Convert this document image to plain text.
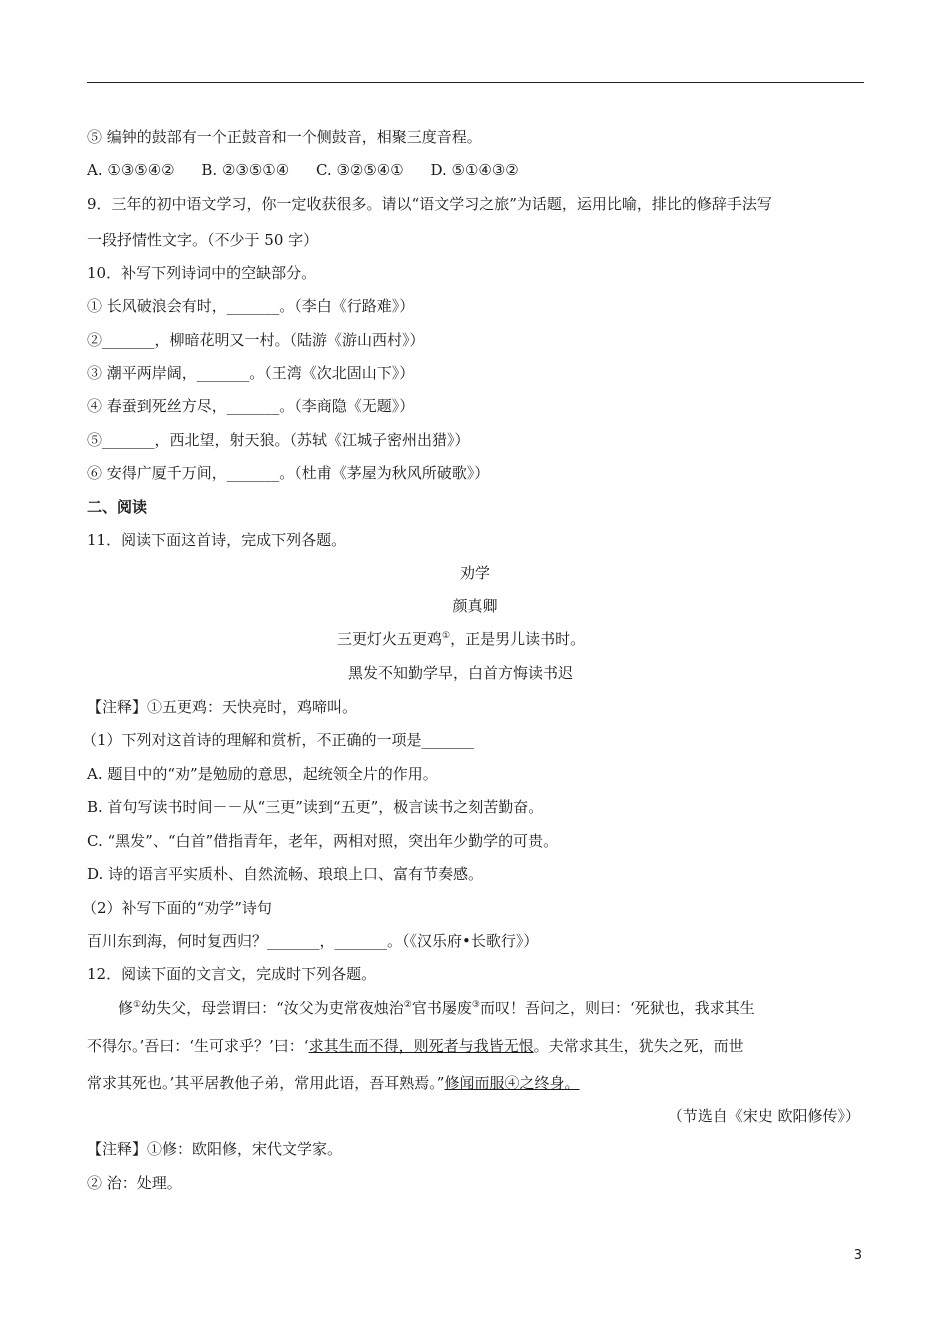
⑤ 编钟的鼓部有一个正鼓音和一个侧鼓音，相聚三度音程。
A. ①③⑤④② B. ②③⑤①④ C. ③②⑤④① D. ⑤①④③②
9．三年的初中语文学习，你一定收获很多。请以“语文学习之旅”为话题，运用比喻，排比的修辞手法写
一段抒情性文字。（不少于 50 字）
10．补写下列诗词中的空缺部分。
① 长风破浪会有时，_______。（李白《行路难》）
②_______，柳暗花明又一村。（陆游《游山西村》）
③ 潮平两岸阔，_______。（王湾《次北固山下》）
④ 春蚕到死丝方尽，_______。（李商隐《无题》）
⑤_______，西北望，射天狼。（苏轼《江城子密州出猎》）
⑥ 安得广厦千万间，_______。（杜甫《茅屋为秋风所破歌》）
二、阅读
11．阅读下面这首诗，完成下列各题。
劝学
颜真卿
三更灯火五更鸡①，正是男儿读书时。
黑发不知勤学早，白首方悔读书迟
【注释】①五更鸡：天快亮时，鸡啼叫。
（1）下列对这首诗的理解和赏析，不正确的一项是_______
A. 题目中的“劝”是勉励的意思，起统领全片的作用。
B. 首句写读书时间－－从“三更”读到“五更”，极言读书之刻苦勤奋。
C. “黑发”、“白首”借指青年，老年，两相对照，突出年少勤学的可贵。
D. 诗的语言平实质朴、自然流畅、琅琅上口、富有节奏感。
（2）补写下面的“劝学”诗句
百川东到海，何时复西归？_______，_______。（《汉乐府•长歌行》）
12．阅读下面的文言文，完成时下列各题。
修①幼失父，母尝谓曰：“汝父为吏常夜烛治②官书屡废③而叹！吾问之，则曰：‘死狱也，我求其生
不得尔。’吾曰：‘生可求乎？’曰：‘求其生而不得，则死者与我皆无恨。夫常求其生，犹失之死，而世
常求其死也。’其平居教他子弟，常用此语，吾耳熟焉。”修闻而服④之终身。
（节选自《宋史 欧阳修传》）
【注释】①修：欧阳修，宋代文学家。
② 治：处理。
3
